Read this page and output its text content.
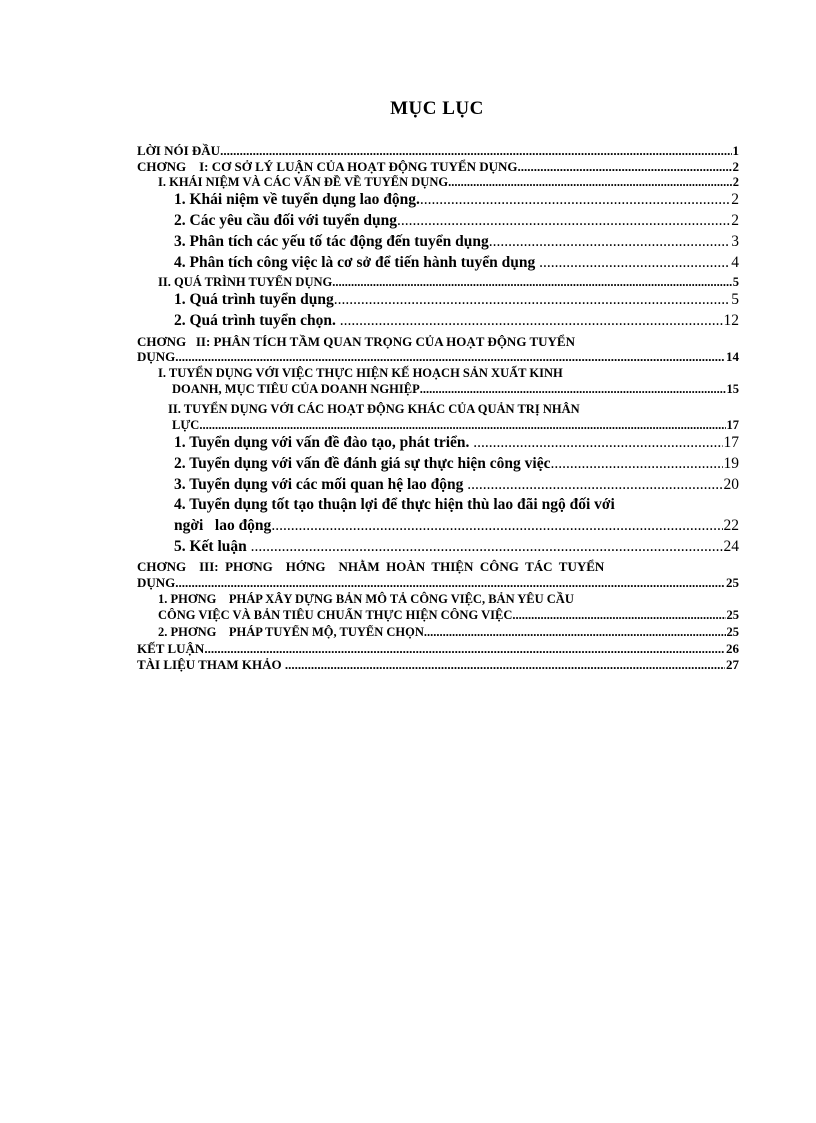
MỤC LỤC
LỜI NÓI ĐẦU .....	1
CHƠNG    I: CƠ SỞ LÝ LUẬN CỦA HOẠT ĐỘNG TUYỂN DỤNG .....	2
I. KHÁI NIỆM VÀ CÁC VẤN ĐỀ VỀ TUYỂN DỤNG. .....	2
1. Khái niệm về tuyển dụng lao động. .....	2
2. Các yêu cầu đối với tuyển dụng .....	2
3. Phân tích các yếu tố tác động đến tuyển dụng .....	3
4. Phân tích công việc là cơ sở để tiến hành tuyển dụng .....	4
II. QUÁ TRÌNH TUYỂN DỤNG .....	5
1. Quá trình tuyển dụng .....	5
2. Quá trình tuyển chọn. .....	12
CHƠNG   II: PHÂN TÍCH TẦM QUAN TRỌNG CỦA HOẠT ĐỘNG TUYỂN
DỤNG. .....	14
I. TUYỂN DỤNG VỚI VIỆC THỰC HIỆN KẾ HOẠCH SẢN XUẤT KINH
DOANH, MỤC TIÊU CỦA DOANH NGHIỆP .....	15
II. TUYỂN DỤNG VỚI CÁC HOẠT ĐỘNG KHÁC CỦA QUẢN TRỊ NHÂN
LỰC .....	17
1. Tuyển dụng với vấn đề đào tạo, phát triển. .....	17
2. Tuyển dụng với vấn đề đánh giá sự thực hiện công việc .....	19
3. Tuyển dụng với các mối quan hệ lao động .....	20
4. Tuyển dụng tốt tạo thuận lợi để thực hiện thù lao đãi ngộ đối với
ngời   lao động .....	22
5. Kết luận .....	24
CHƠNG    III:  PHƠNG    HỚNG    NHẰM  HOÀN  THIỆN  CÔNG  TÁC  TUYỂN
DỤNG .....	25
1. PHƠNG    PHÁP XÂY DỰNG BẢN MÔ TẢ CÔNG VIỆC, BẢN YÊU CẦU
CÔNG VIỆC VÀ BẢN TIÊU CHUẨN THỰC HIỆN CÔNG VIỆC .....	25
2. PHƠNG    PHÁP TUYỂN MỘ, TUYỂN CHỌN .....	25
KẾT LUẬN .....	26
TÀI LIỆU THAM KHẢO .....	27
